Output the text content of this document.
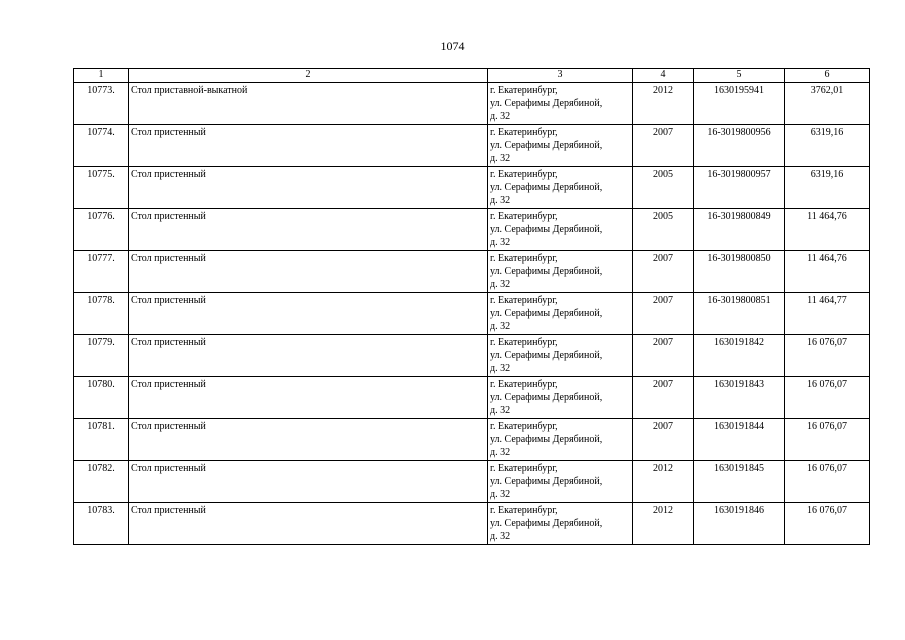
1074
1	2	3	4	5	6
10773.	Стол приставной-выкатной	г. Екатеринбург,
ул. Серафимы Дерябиной,
д. 32	2012	1630195941	3762,01
10774.	Стол пристенный	г. Екатеринбург,
ул. Серафимы Дерябиной,
д. 32	2007	16-3019800956	6319,16
10775.	Стол пристенный	г. Екатеринбург,
ул. Серафимы Дерябиной,
д. 32	2005	16-3019800957	6319,16
10776.	Стол пристенный	г. Екатеринбург,
ул. Серафимы Дерябиной,
д. 32	2005	16-3019800849	11 464,76
10777.	Стол пристенный	г. Екатеринбург,
ул. Серафимы Дерябиной,
д. 32	2007	16-3019800850	11 464,76
10778.	Стол пристенный	г. Екатеринбург,
ул. Серафимы Дерябиной,
д. 32	2007	16-3019800851	11 464,77
10779.	Стол пристенный	г. Екатеринбург,
ул. Серафимы Дерябиной,
д. 32	2007	1630191842	16 076,07
10780.	Стол пристенный	г. Екатеринбург,
ул. Серафимы Дерябиной,
д. 32	2007	1630191843	16 076,07
10781.	Стол пристенный	г. Екатеринбург,
ул. Серафимы Дерябиной,
д. 32	2007	1630191844	16 076,07
10782.	Стол пристенный	г. Екатеринбург,
ул. Серафимы Дерябиной,
д. 32	2012	1630191845	16 076,07
10783.	Стол пристенный	г. Екатеринбург,
ул. Серафимы Дерябиной,
д. 32	2012	1630191846	16 076,07
